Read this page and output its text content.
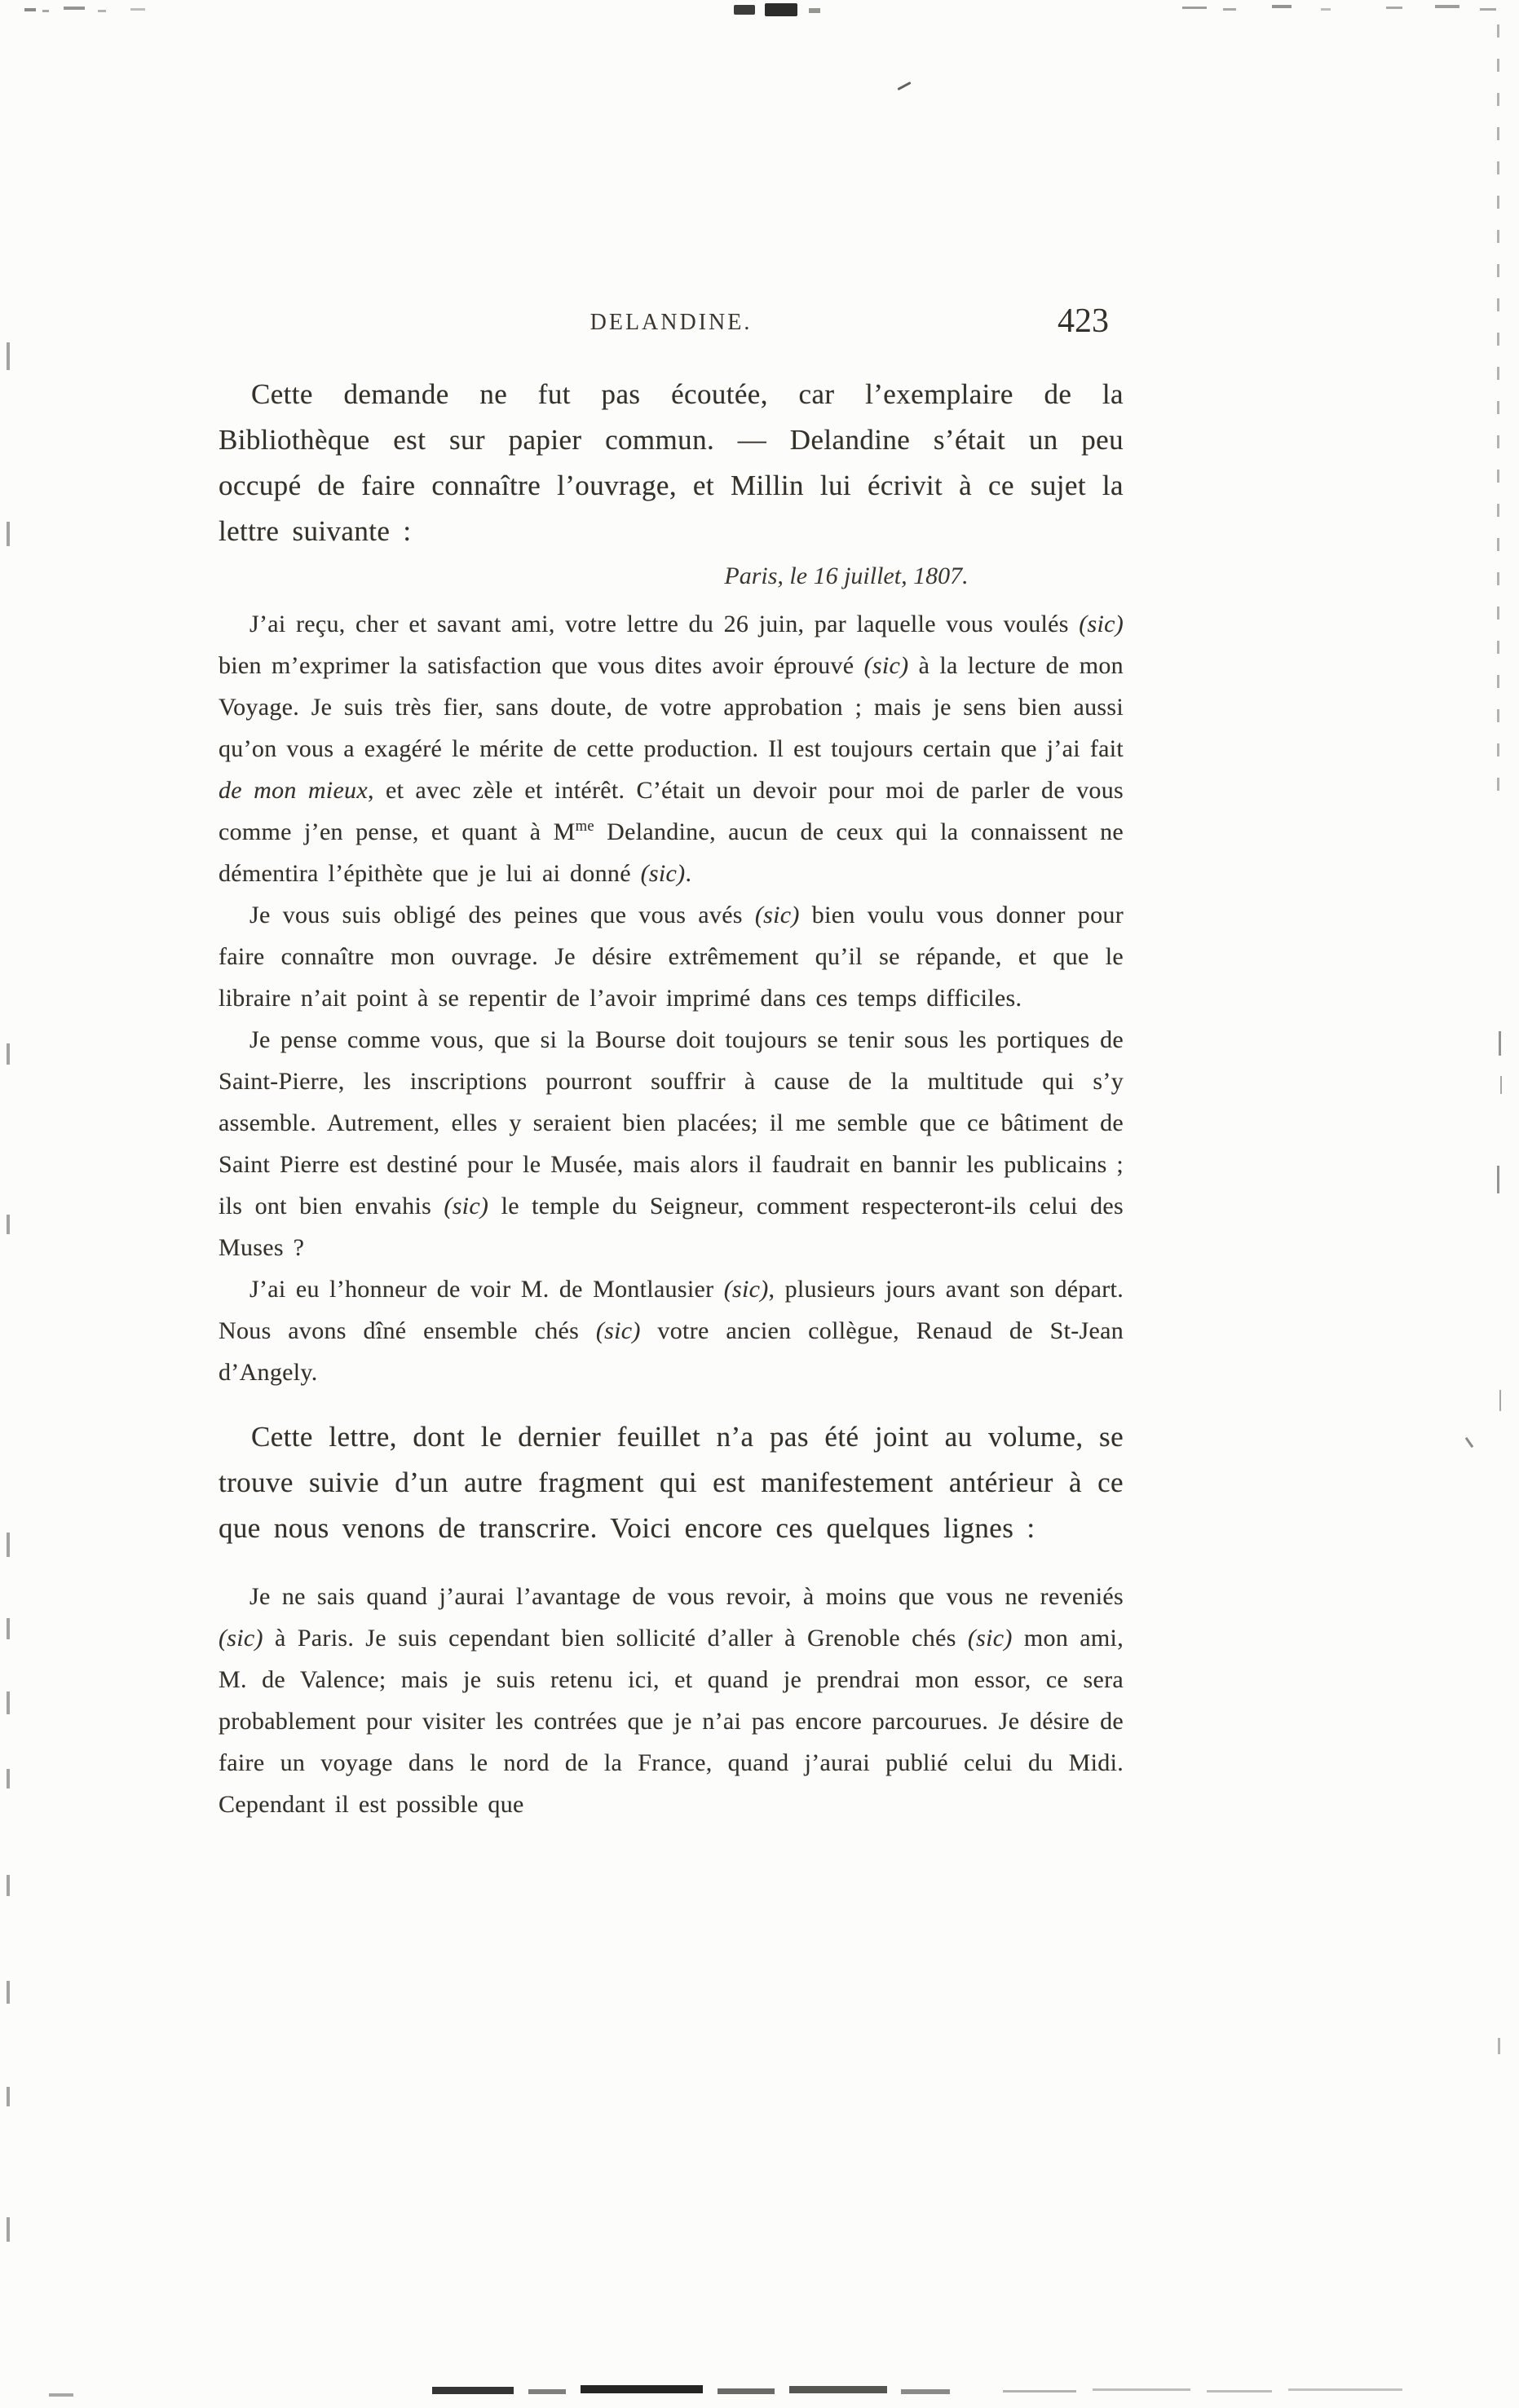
DELANDINE.	423

Cette demande ne fut pas écoutée, car l’exemplaire de la Bibliothèque est sur papier commun. — Delandine s’était un peu occupé de faire connaître l’ouvrage, et Millin lui écrivit à ce sujet la lettre suivante :

Paris, le 16 juillet, 1807.

J’ai reçu, cher et savant ami, votre lettre du 26 juin, par laquelle vous voulés (sic) bien m’exprimer la satisfaction que vous dites avoir éprouvé (sic) à la lecture de mon Voyage. Je suis très fier, sans doute, de votre approbation ; mais je sens bien aussi qu’on vous a exagéré le mérite de cette production. Il est toujours certain que j’ai fait de mon mieux, et avec zèle et intérêt. C’était un devoir pour moi de parler de vous comme j’en pense, et quant à $M^{me}$ Delandine, aucun de ceux qui la connaissent ne démentira l’épithète que je lui ai donné (sic).

Je vous suis obligé des peines que vous avés (sic) bien voulu vous donner pour faire connaître mon ouvrage. Je désire extrêmement qu’il se répande, et que le libraire n’ait point à se repentir de l’avoir imprimé dans ces temps difficiles.

Je pense comme vous, que si la Bourse doit toujours se tenir sous les portiques de Saint-Pierre, les inscriptions pourront souffrir à cause de la multitude qui s’y assemble. Autrement, elles y seraient bien placées; il me semble que ce bâtiment de Saint Pierre est destiné pour le Musée, mais alors il faudrait en bannir les publicains ; ils ont bien envahis (sic) le temple du Seigneur, comment respecteront-ils celui des Muses ?

J’ai eu l’honneur de voir M. de Montlausier (sic), plusieurs jours avant son départ. Nous avons dîné ensemble chés (sic) votre ancien collègue, Renaud de St-Jean d’Angely.

Cette lettre, dont le dernier feuillet n’a pas été joint au volume, se trouve suivie d’un autre fragment qui est manifestement antérieur à ce que nous venons de transcrire. Voici encore ces quelques lignes :

Je ne sais quand j’aurai l’avantage de vous revoir, à moins que vous ne reveniés (sic) à Paris. Je suis cependant bien sollicité d’aller à Grenoble chés (sic) mon ami, M. de Valence; mais je suis retenu ici, et quand je prendrai mon essor, ce sera probablement pour visiter les contrées que je n’ai pas encore parcourues. Je désire de faire un voyage dans le nord de la France, quand j’aurai publié celui du Midi. Cependant il est possible que
